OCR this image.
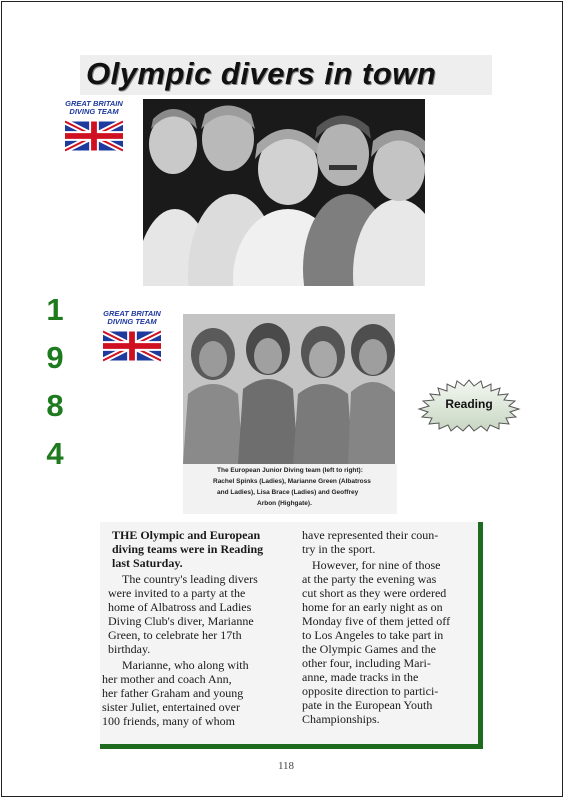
Olympic divers in town
GREAT BRITAIN DIVING TEAM
1
9
8
4
GREAT BRITAIN DIVING TEAM
The European Junior Diving team (left to right):
Rachel Spinks (Ladies), Marianne Green (Albatross
and Ladies), Lisa Brace (Ladies) and Geoffrey
Arbon (Highgate).
Reading
THE Olympic and European
diving teams were in Reading
last Saturday.
The country's leading divers
were invited to a party at the
home of Albatross and Ladies
Diving Club's diver, Marianne
Green, to celebrate her 17th
birthday.
Marianne, who along with
her mother and coach Ann,
her father Graham and young
sister Juliet, entertained over
100 friends, many of whom
have represented their coun-
try in the sport.
However, for nine of those
at the party the evening was
cut short as they were ordered
home for an early night as on
Monday five of them jetted off
to Los Angeles to take part in
the Olympic Games and the
other four, including Mari-
anne, made tracks in the
opposite direction to partici-
pate in the European Youth
Championships.
118
